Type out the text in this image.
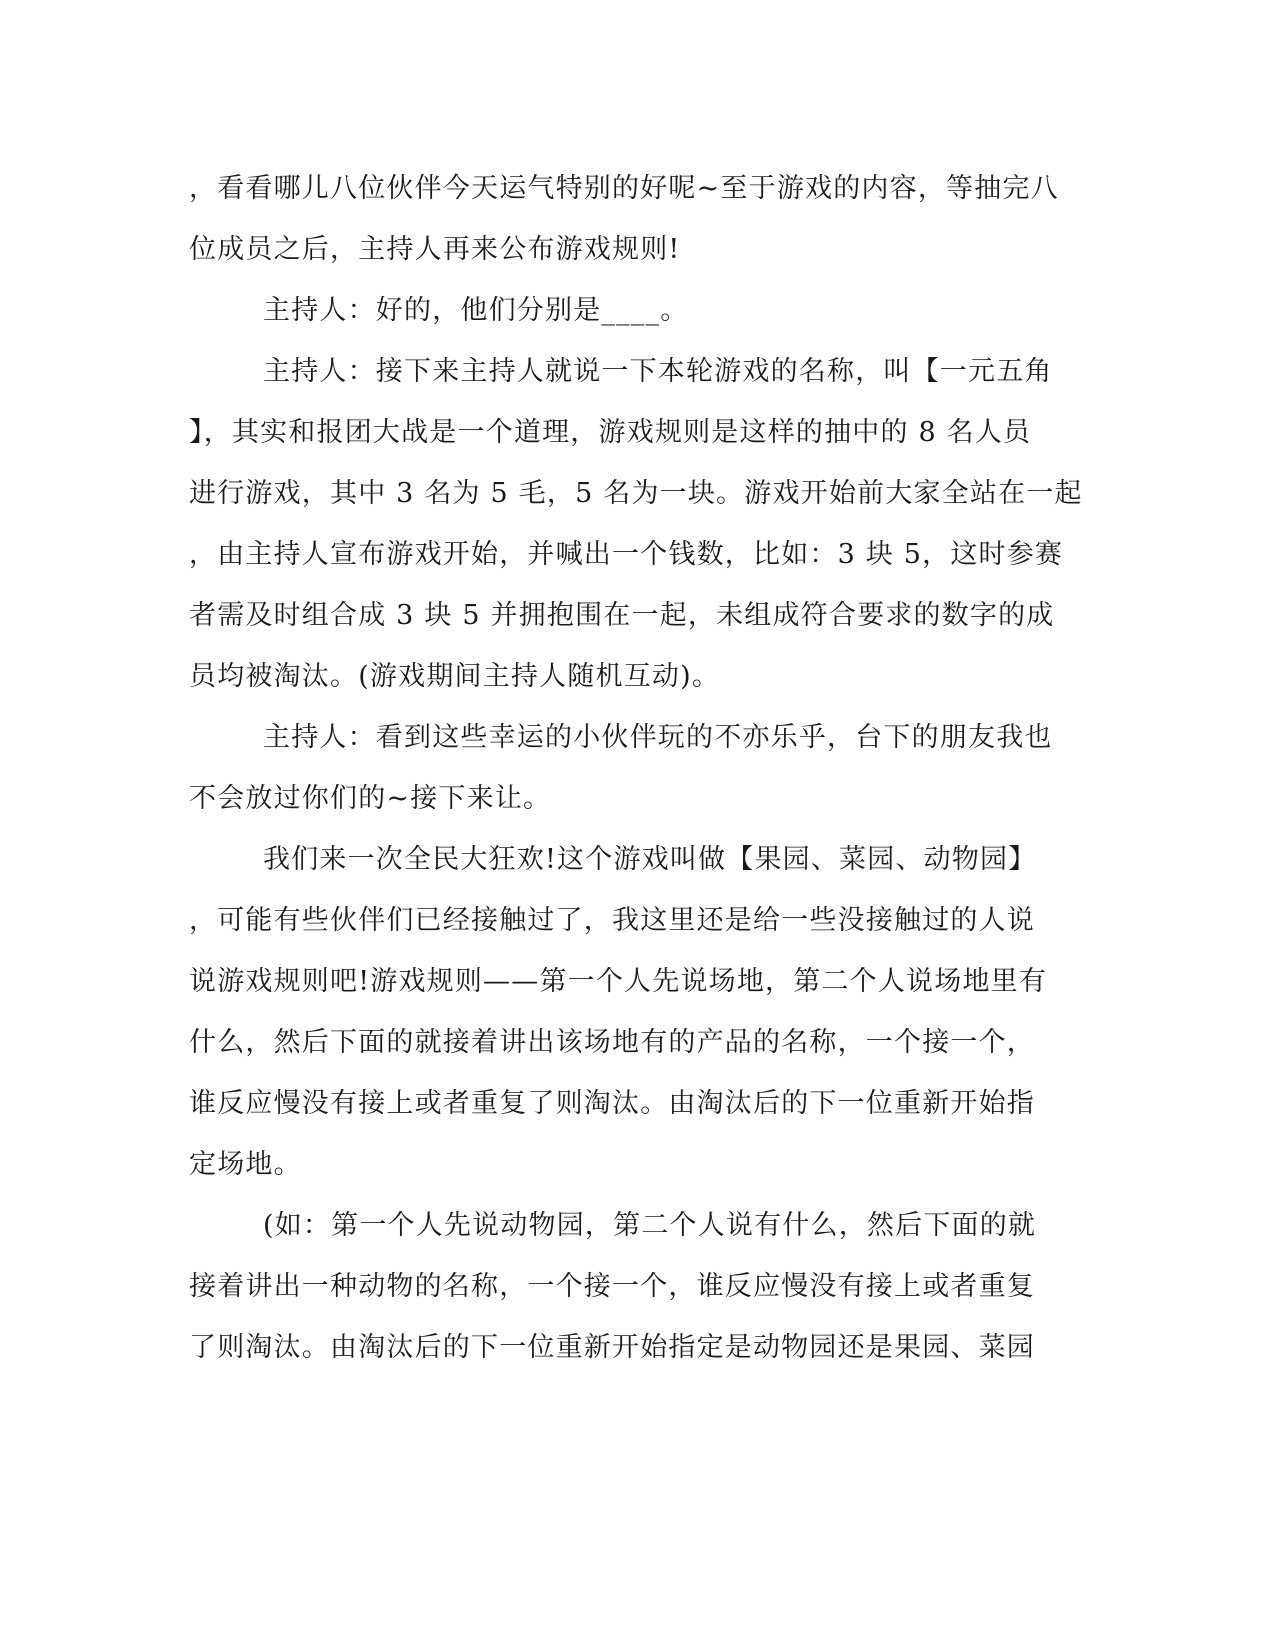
，看看哪儿八位伙伴今天运气特别的好呢~至于游戏的内容，等抽完八
位成员之后，主持人再来公布游戏规则!
主持人：好的，他们分别是____。
主持人：接下来主持人就说一下本轮游戏的名称，叫【一元五角
】，其实和报团大战是一个道理，游戏规则是这样的抽中的 8 名人员
进行游戏，其中 3 名为 5 毛，5 名为一块。游戏开始前大家全站在一起
，由主持人宣布游戏开始，并喊出一个钱数，比如：3 块 5，这时参赛
者需及时组合成 3 块 5 并拥抱围在一起，未组成符合要求的数字的成
员均被淘汰。(游戏期间主持人随机互动)。
主持人：看到这些幸运的小伙伴玩的不亦乐乎，台下的朋友我也
不会放过你们的~接下来让。
我们来一次全民大狂欢!这个游戏叫做【果园、菜园、动物园】
，可能有些伙伴们已经接触过了，我这里还是给一些没接触过的人说
说游戏规则吧!游戏规则——第一个人先说场地，第二个人说场地里有
什么，然后下面的就接着讲出该场地有的产品的名称，一个接一个，
谁反应慢没有接上或者重复了则淘汰。由淘汰后的下一位重新开始指
定场地。
(如：第一个人先说动物园，第二个人说有什么，然后下面的就
接着讲出一种动物的名称，一个接一个，谁反应慢没有接上或者重复
了则淘汰。由淘汰后的下一位重新开始指定是动物园还是果园、菜园
